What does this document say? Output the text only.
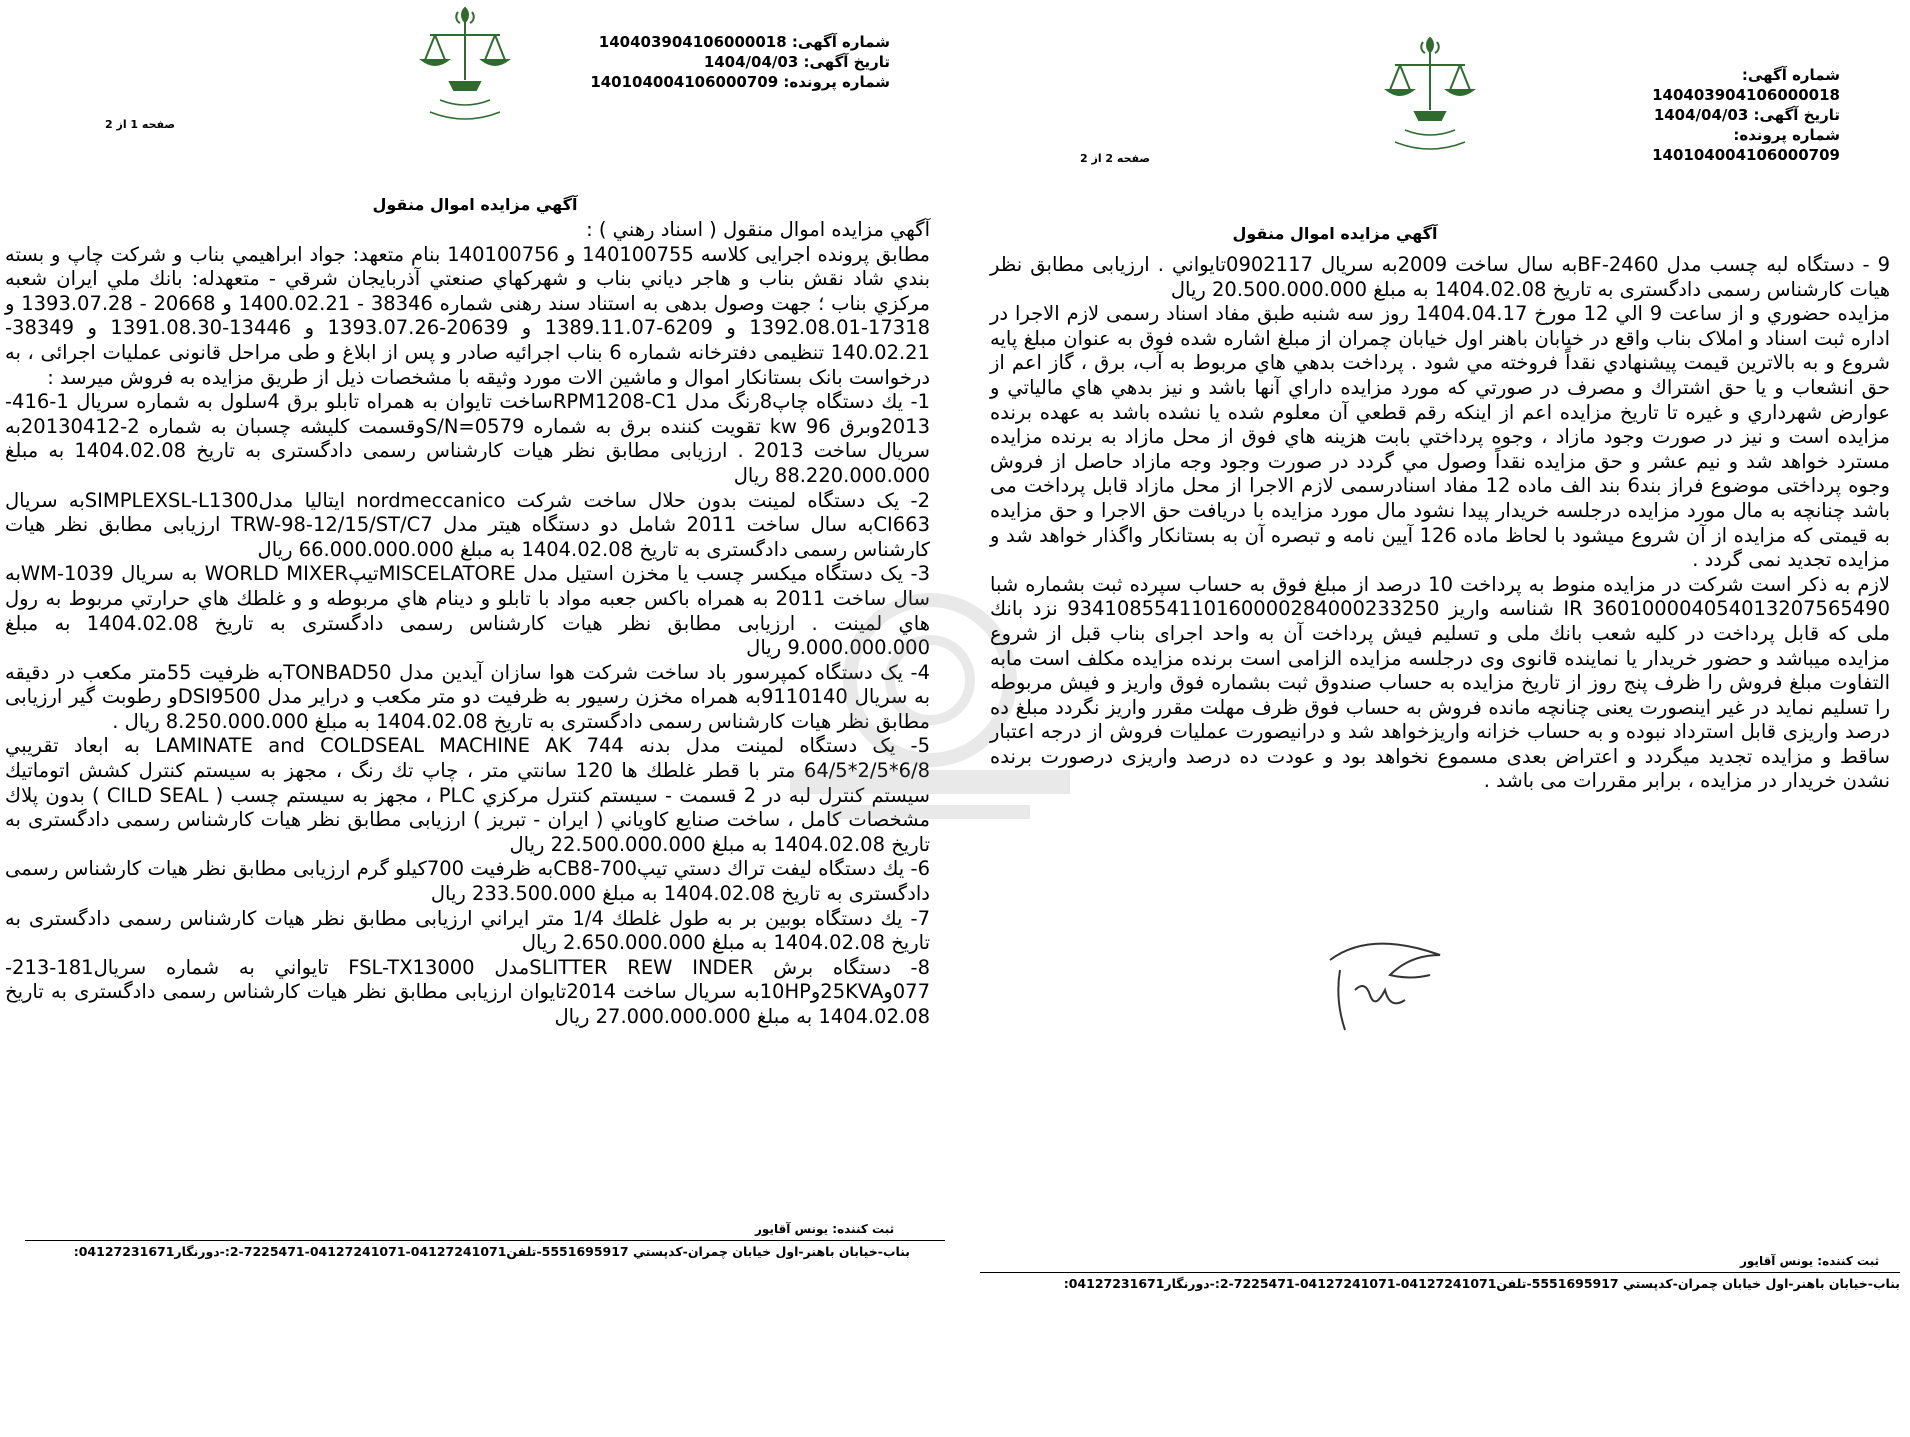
شماره آگهی: 140403904106000018
تاریخ آگهی: 1404/04/03
شماره پرونده: 140104004106000709
صفحه 1 از 2
آگهي مزايده اموال منقول

آگهي مزايده اموال منقول ( اسناد رهني ) :

مطابق پرونده اجرايی كلاسه 140100755 و 140100756 بنام متعهد: جواد ابراهيمي بناب و شركت چاپ و بسته بندي شاد نقش بناب و هاجر دياني بناب و شهركهاي صنعتي آذربايجان شرقي - متعهدله: بانك ملي ايران شعبه مركزي بناب ؛ جهت وصول بدهی به استناد سند رهنی شماره 38346 - 1400.02.21 و 20668 - 1393.07.28 و 17318-1392.08.01 و 6209-1389.11.07 و 20639-1393.07.26 و 13446-1391.08.30 و 38349-140.02.21 تنظيمی دفترخانه شماره 6 بناب اجرائیه صادر و پس از ابلاغ و طی مراحل قانونی عملیات اجرائی ، به درخواست بانک بستانكار اموال و ماشين الات مورد وثيقه با مشخصات ذيل از طريق مزايده به فروش ميرسد :

1- يك دستگاه چاپ8رنگ مدل RPM1208-C1ساخت تايوان به همراه تابلو برق 4سلول به شماره سريال 1-416-2013وبرق 96 kw تقويت كننده برق به شماره S/N=0579وقسمت كليشه چسبان به شماره 2-20130412به سريال ساخت 2013 . ارزيابی مطابق نظر هيات كارشناس رسمی دادگستری به تاريخ 1404.02.08 به مبلغ 88.220.000.000 ريال

2- يک دستگاه لمينت بدون حلال ساخت شركت nordmeccanico ايتاليا مدلSIMPLEXSL-L1300به سريال CI663به سال ساخت 2011 شامل دو دستگاه هيتر مدل TRW-98-12/15/ST/C7 ارزيابی مطابق نظر هيات كارشناس رسمی دادگستری به تاريخ 1404.02.08 به مبلغ 66.000.000.000 ريال

3- يک دستگاه ميكسر چسب يا مخزن استيل مدل MISCELATOREتيپWORLD MIXER به سريال WM-1039به سال ساخت 2011 به همراه باكس جعبه مواد با تابلو و دينام هاي مربوطه و و غلطك هاي حرارتي مربوط به رول هاي لمينت . ارزيابی مطابق نظر هيات كارشناس رسمی دادگستری به تاريخ 1404.02.08 به مبلغ 9.000.000.000 ريال

4- يک دستگاه كمپرسور باد ساخت شركت هوا سازان آيدين مدل TONBAD50به ظرفيت 55متر مكعب در دقيقه به سريال 9110140به همراه مخزن رسيور به ظرفيت دو متر مكعب و دراير مدل DSI9500و رطوبت گير ارزيابی مطابق نظر هيات كارشناس رسمی دادگستری به تاريخ 1404.02.08 به مبلغ 8.250.000.000 ريال .

5- يک دستگاه لمينت مدل بدنه LAMINATE and COLDSEAL MACHINE AK 744 به ابعاد تقريبي 6/8*2/5*64/5 متر با قطر غلطك ها 120 سانتي متر ، چاپ تك رنگ ، مجهز به سيستم كنترل كشش اتوماتيك سيستم كنترل لبه در 2 قسمت - سيستم كنترل مركزي PLC ، مجهز به سيستم چسب ( CILD SEAL ) بدون پلاك مشخصات كامل ، ساخت صنايع كاوياني ( ايران - تبريز ) ارزيابی مطابق نظر هيات كارشناس رسمی دادگستری به تاريخ 1404.02.08 به مبلغ 22.500.000.000 ريال

6- يك دستگاه ليفت تراك دستي تيپCB8-700به ظرفيت 700كيلو گرم ارزيابی مطابق نظر هيات كارشناس رسمی دادگستری به تاريخ 1404.02.08 به مبلغ 233.500.000 ريال

7- يك دستگاه بوبين بر به طول غلطك 1/4 متر ايراني ارزيابی مطابق نظر هيات كارشناس رسمی دادگستری به تاريخ 1404.02.08 به مبلغ 2.650.000.000 ريال

8- دستگاه برش SLITTER REW INDERمدل FSL-TX13000 تايواني به شماره سريال181-213-077و25KVAو10HPبه سريال ساخت 2014تايوان ارزيابی مطابق نظر هيات كارشناس رسمی دادگستری به تاريخ 1404.02.08 به مبلغ 27.000.000.000 ريال

ثبت كننده: يونس آقايور
بناب-خيابان باهنر-اول خيابان چمران-كدپستي 5551695917-تلفن04127241071-04127241071-7225471-2:-دورنگار04127231671:
شماره آگهی: 140403904106000018
تاریخ آگهی: 1404/04/03
شماره پرونده: 140104004106000709
صفحه 2 از 2
آگهي مزايده اموال منقول

9 - دستگاه لبه چسب مدل BF-2460به سال ساخت 2009به سريال 0902117تايواني . ارزيابی مطابق نظر هيات كارشناس رسمی دادگستری به تاريخ 1404.02.08 به مبلغ 20.500.000.000 ريال

مزايده حضوري و از ساعت 9 الي 12 مورخ 1404.04.17 روز سه شنبه طبق مفاد اسناد رسمی لازم الاجرا در اداره ثبت اسناد و املاک بناب واقع در خيابان باهنر اول خيابان چمران از مبلغ اشاره شده فوق به عنوان مبلغ پايه شروع و به بالاترين قيمت پيشنهادي نقداً فروخته مي شود . پرداخت بدهي هاي مربوط به آب، برق ، گاز اعم از حق انشعاب و يا حق اشتراك و مصرف در صورتي كه مورد مزايده داراي آنها باشد و نيز بدهي هاي مالياتي و عوارض شهرداري و غيره تا تاريخ مزايده اعم از اينكه رقم قطعي آن معلوم شده يا نشده باشد به عهده برنده مزايده است و نيز در صورت وجود مازاد ، وجوه پرداختي بابت هزينه هاي فوق از محل مازاد به برنده مزايده مسترد خواهد شد و نيم عشر و حق مزايده نقداً وصول مي گردد در صورت وجود وجه مازاد حاصل از فروش وجوه پرداختی موضوع فراز بند6 بند الف ماده 12 مفاد اسنادرسمی لازم الاجرا از محل مازاد قابل پرداخت می باشد چنانچه به مال مورد مزايده درجلسه خريدار پيدا نشود مال مورد مزايده با دريافت حق الاجرا و حق مزايده به قيمتی كه مزايده از آن شروع ميشود با لحاظ ماده 126 آيين نامه و تبصره آن به بستانكار واگذار خواهد شد و مزايده تجديد نمی گردد .

لازم به ذكر است شركت در مزايده منوط به پرداخت 10 درصد از مبلغ فوق به حساب سپرده ثبت بشماره شبا IR 360100004054013207565490 شناسه واريز 934108554110160000284000233250 نزد بانك ملی كه قابل پرداخت در كليه شعب بانك ملی و تسليم فيش پرداخت آن به واحد اجرای بناب قبل از شروع مزايده ميباشد و حضور خريدار يا نماينده قانوی وی درجلسه مزايده الزامی است برنده مزايده مكلف است مابه التفاوت مبلغ فروش را ظرف پنج روز از تاريخ مزايده به حساب صندوق ثبت بشماره فوق واريز و فيش مربوطه را تسليم نمايد در غير اينصورت يعنی چنانچه مانده فروش به حساب فوق ظرف مهلت مقرر واريز نگردد مبلغ ده درصد واريزی قابل استرداد نبوده و به حساب خزانه واريزخواهد شد و درانيصورت عمليات فروش از درجه اعتبار ساقط و مزايده تجديد ميگردد و اعتراض بعدی مسموع نخواهد بود و عودت ده درصد واريزی درصورت برنده نشدن خريدار در مزايده ، برابر مقررات می باشد .

ثبت كننده: يونس آقايور
بناب-خيابان باهنر-اول خيابان چمران-كدپستي 5551695917-تلفن04127241071-04127241071-7225471-2:-دورنگار04127231671:
